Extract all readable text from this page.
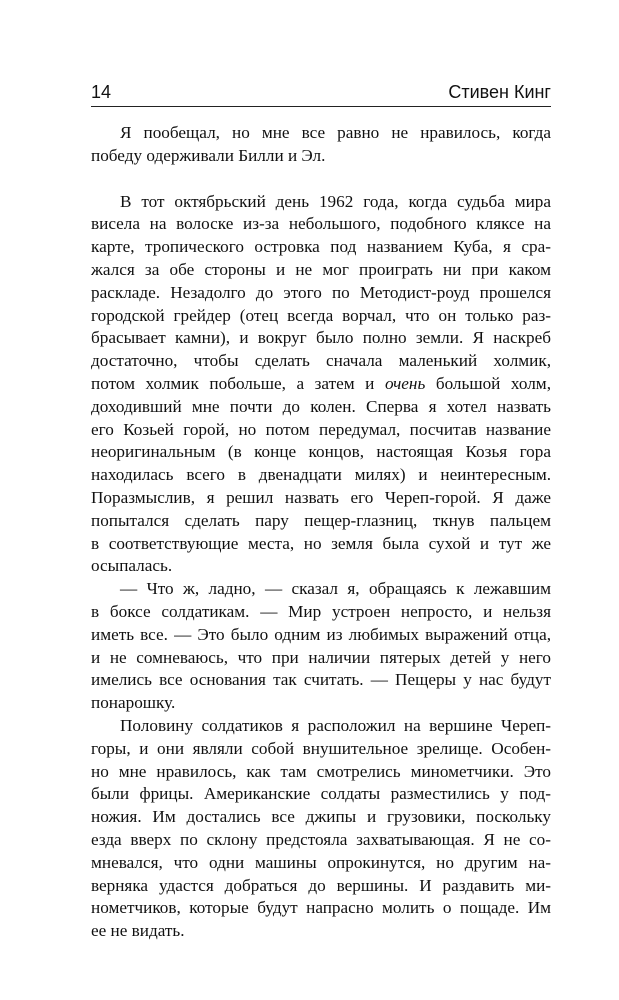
14	Стивен Кинг
Я пообещал, но мне все равно не нравилось, когда
победу одерживали Билли и Эл.
В тот октябрьский день 1962 года, когда судьба мира
висела на волоске из-за небольшого, подобного кляксе на
карте, тропического островка под названием Куба, я сра-
жался за обе стороны и не мог проиграть ни при каком
раскладе. Незадолго до этого по Методист-роуд прошелся
городской грейдер (отец всегда ворчал, что он только раз-
брасывает камни), и вокруг было полно земли. Я наскреб
достаточно, чтобы сделать сначала маленький холмик,
потом холмик побольше, а затем и очень большой холм,
доходивший мне почти до колен. Сперва я хотел назвать
его Козьей горой, но потом передумал, посчитав название
неоригинальным (в конце концов, настоящая Козья гора
находилась всего в двенадцати милях) и неинтересным.
Поразмыслив, я решил назвать его Череп-горой. Я даже
попытался сделать пару пещер-глазниц, ткнув пальцем
в соответствующие места, но земля была сухой и тут же
осыпалась.
— Что ж, ладно, — сказал я, обращаясь к лежавшим
в боксе солдатикам. — Мир устроен непросто, и нельзя
иметь все. — Это было одним из любимых выражений отца,
и не сомневаюсь, что при наличии пятерых детей у него
имелись все основания так считать. — Пещеры у нас будут
понарошку.
Половину солдатиков я расположил на вершине Череп-
горы, и они являли собой внушительное зрелище. Особен-
но мне нравилось, как там смотрелись минометчики. Это
были фрицы. Американские солдаты разместились у под-
ножия. Им достались все джипы и грузовики, поскольку
езда вверх по склону предстояла захватывающая. Я не со-
мневался, что одни машины опрокинутся, но другим на-
верняка удастся добраться до вершины. И раздавить ми-
нометчиков, которые будут напрасно молить о пощаде. Им
ее не видать.
